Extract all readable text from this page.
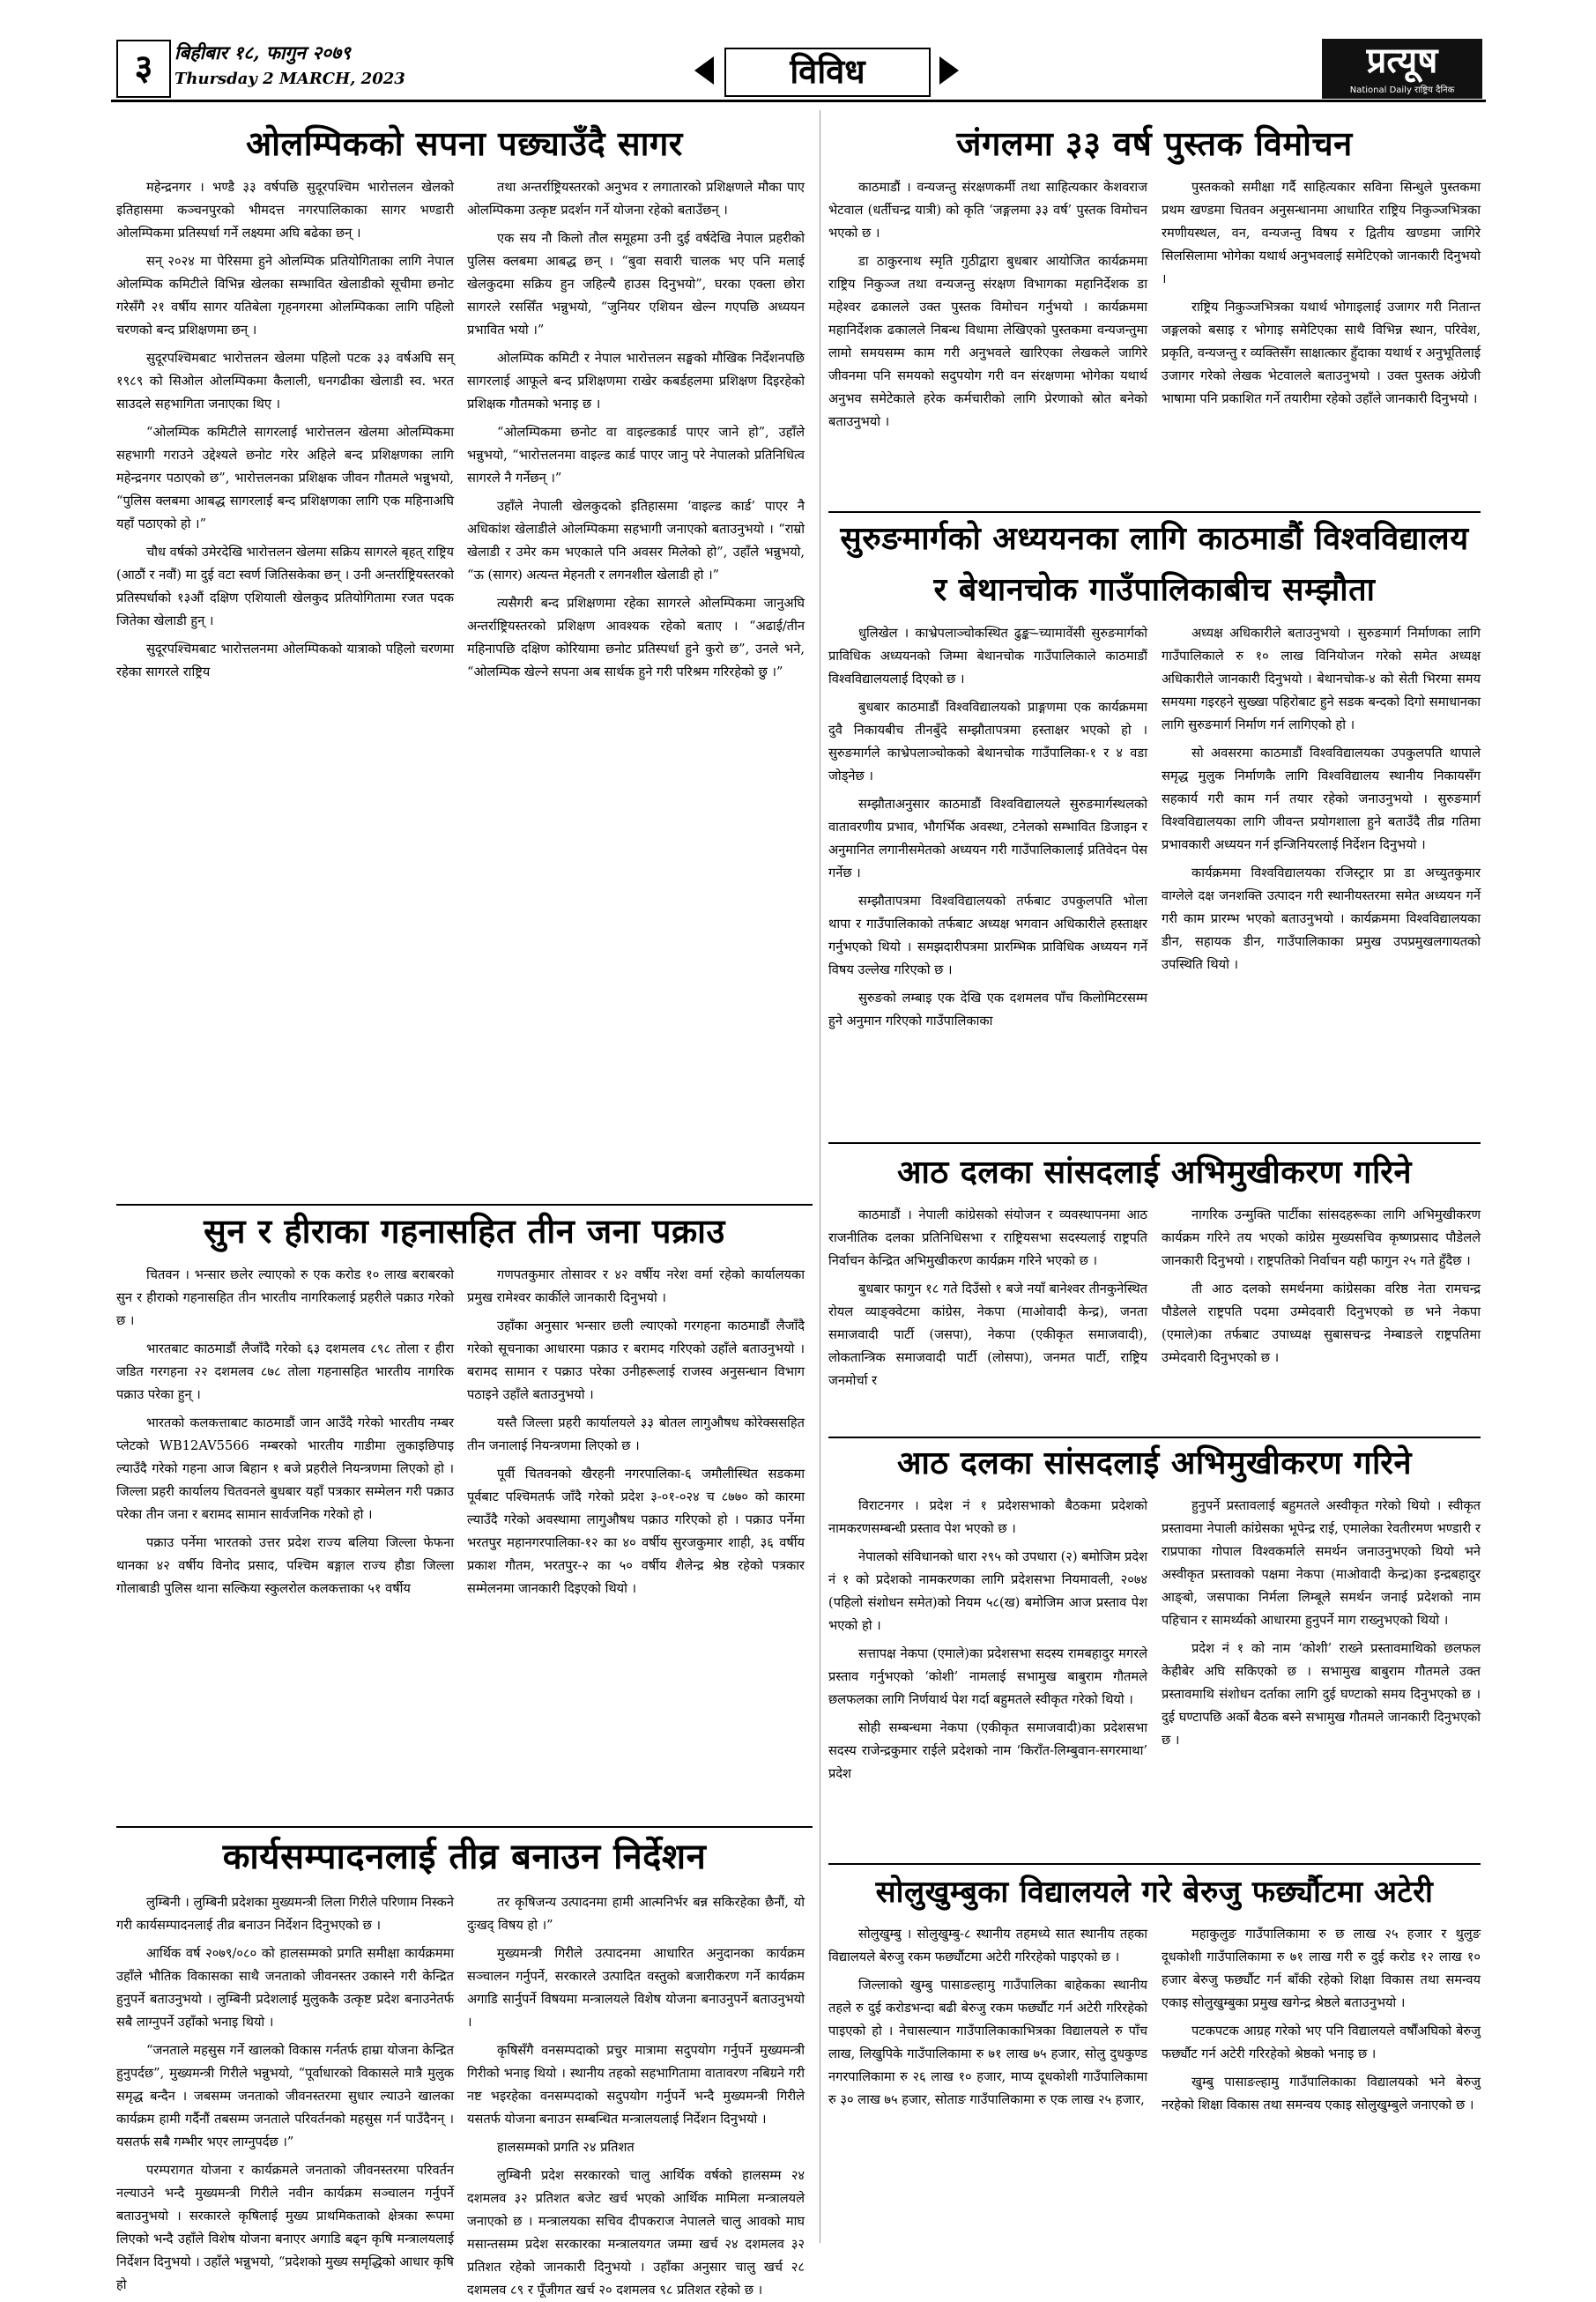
३	बिहीबार १८, फागुन २०७९
Thursday 2 MARCH, 2023	विविध	प्रत्यूष
National Daily राष्ट्रिय दैनिक
ओलम्पिकको सपना पछ्याउँदै सागर

महेन्द्रनगर । भण्डै ३३ वर्षपछि सुदूरपश्चिम भारोत्तलन खेलको इतिहासमा कञ्चनपुरको भीमदत्त नगरपालिकाका सागर भण्डारी ओलम्पिकमा प्रतिस्पर्धा गर्ने लक्ष्यमा अघि बढेका छन् ।

सन् २०२४ मा पेरिसमा हुने ओलम्पिक प्रतियोगिताका लागि नेपाल ओलम्पिक कमिटीले विभिन्न खेलका सम्भावित खेलाडीको सूचीमा छनोट गरेसँगै २१ वर्षीय सागर यतिबेला गृहनगरमा ओलम्पिकका लागि पहिलो चरणको बन्द प्रशिक्षणमा छन् ।

सुदूरपश्चिमबाट भारोत्तलन खेलमा पहिलो पटक ३३ वर्षअघि सन् १९८९ को सिओल ओलम्पिकमा कैलाली, धनगढीका खेलाडी स्व. भरत साउदले सहभागिता जनाएका थिए ।

“ओलम्पिक कमिटीले सागरलाई भारोत्तलन खेलमा ओलम्पिकमा सहभागी गराउने उद्देश्यले छनोट गरेर अहिले बन्द प्रशिक्षणका लागि महेन्द्रनगर पठाएको छ”, भारोत्तलनका प्रशिक्षक जीवन गौतमले भन्नुभयो, “पुलिस क्लबमा आबद्ध सागरलाई बन्द प्रशिक्षणका लागि एक महिनाअघि यहाँ पठाएको हो ।”

चौध वर्षको उमेरदेखि भारोत्तलन खेलमा सक्रिय सागरले बृहत् राष्ट्रिय (आठौं र नवौं) मा दुई वटा स्वर्ण जितिसकेका छन् । उनी अन्तर्राष्ट्रियस्तरको प्रतिस्पर्धाको १३औं दक्षिण एशियाली खेलकुद प्रतियोगितामा रजत पदक जितेका खेलाडी हुन् ।

सुदूरपश्चिमबाट भारोत्तलनमा ओलम्पिकको यात्राको पहिलो चरणमा रहेका सागरले राष्ट्रिय

तथा अन्तर्राष्ट्रियस्तरको अनुभव र लगातारको प्रशिक्षणले मौका पाए ओलम्पिकमा उत्कृष्ट प्रदर्शन गर्ने योजना रहेको बताउँछन् ।

एक सय नौ किलो तौल समूहमा उनी दुई वर्षदेखि नेपाल प्रहरीको पुलिस क्लबमा आबद्ध छन् । “बुवा सवारी चालक भए पनि मलाई खेलकुदमा सक्रिय हुन जहिल्यै हाउस दिनुभयो”, घरका एक्ला छोरा सागरले रससिँत भन्नुभयो, “जुनियर एशियन खेल्न गएपछि अध्ययन प्रभावित भयो ।”

ओलम्पिक कमिटी र नेपाल भारोत्तलन सङ्घको मौखिक निर्देशनपछि सागरलाई आफूले बन्द प्रशिक्षणमा राखेर कबर्डहलमा प्रशिक्षण दिइरहेको प्रशिक्षक गौतमको भनाइ छ ।

“ओलम्पिकमा छनोट वा वाइल्डकार्ड पाएर जाने हो”, उहाँले भन्नुभयो, “भारोत्तलनमा वाइल्ड कार्ड पाएर जानु परे नेपालको प्रतिनिधित्व सागरले नै गर्नेछन् ।”

उहाँले नेपाली खेलकुदको इतिहासमा ‘वाइल्ड कार्ड’ पाएर नै अधिकांश खेलाडीले ओलम्पिकमा सहभागी जनाएको बताउनुभयो । “राम्रो खेलाडी र उमेर कम भएकाले पनि अवसर मिलेको हो”, उहाँले भन्नुभयो, “ऊ (सागर) अत्यन्त मेहनती र लगनशील खेलाडी हो ।”

त्यसैगरी बन्द प्रशिक्षणमा रहेका सागरले ओलम्पिकमा जानुअघि अन्तर्राष्ट्रियस्तरको प्रशिक्षण आवश्यक रहेको बताए । “अढाई/तीन महिनापछि दक्षिण कोरियामा छनोट प्रतिस्पर्धा हुने कुरो छ”, उनले भने, “ओलम्पिक खेल्ने सपना अब सार्थक हुने गरी परिश्रम गरिरहेको छु ।”

जंगलमा ३३ वर्ष पुस्तक विमोचन

काठमाडौं । वन्यजन्तु संरक्षणकर्मी तथा साहित्यकार केशवराज भेटवाल (धर्तीचन्द्र यात्री) को कृति ‘जङ्गलमा ३३ वर्ष’ पुस्तक विमोचन भएको छ ।

डा ठाकुरनाथ स्मृति गुठीद्वारा बुधबार आयोजित कार्यक्रममा राष्ट्रिय निकुञ्ज तथा वन्यजन्तु संरक्षण विभागका महानिर्देशक डा महेश्वर ढकालले उक्त पुस्तक विमोचन गर्नुभयो । कार्यक्रममा महानिर्देशक ढकालले निबन्ध विधामा लेखिएको पुस्तकमा वन्यजन्तुमा लामो समयसम्म काम गरी अनुभवले खारिएका लेखकले जागिरे जीवनमा पनि समयको सदुपयोग गरी वन संरक्षणमा भोगेका यथार्थ अनुभव समेटेकाले हरेक कर्मचारीको लागि प्रेरणाको स्रोत बनेको बताउनुभयो ।

पुस्तकको समीक्षा गर्दै साहित्यकार सविना सिन्धुले पुस्तकमा प्रथम खण्डमा चितवन अनुसन्धानमा आधारित राष्ट्रिय निकुञ्जभित्रका रमणीयस्थल, वन, वन्यजन्तु विषय र द्वितीय खण्डमा जागिरे सिलसिलामा भोगेका यथार्थ अनुभवलाई समेटिएको जानकारी दिनुभयो ।

राष्ट्रिय निकुञ्जभित्रका यथार्थ भोगाइलाई उजागर गरी नितान्त जङ्गलको बसाइ र भोगाइ समेटिएका साथै विभिन्न स्थान, परिवेश, प्रकृति, वन्यजन्तु र व्यक्तिसँग साक्षात्कार हुँदाका यथार्थ र अनुभूतिलाई उजागर गरेको लेखक भेटवालले बताउनुभयो । उक्त पुस्तक अंग्रेजी भाषामा पनि प्रकाशित गर्ने तयारीमा रहेको उहाँले जानकारी दिनुभयो ।

सुरुङमार्गको अध्ययनका लागि काठमाडौं विश्वविद्यालय
र बेथानचोक गाउँपालिकाबीच सम्झौता

धुलिखेल । काभ्रेपलाञ्चोकस्थित ढुङ्कर्‍-च्यामावेंसी सुरुङमार्गको प्राविधिक अध्ययनको जिम्मा बेथानचोक गाउँपालिकाले काठमाडौं विश्वविद्यालयलाई दिएको छ ।

बुधबार काठमाडौं विश्वविद्यालयको प्राङ्गणमा एक कार्यक्रममा दुवै निकायबीच तीनबुँदे सम्झौतापत्रमा हस्ताक्षर भएको हो । सुरुङमार्गले काभ्रेपलाञ्चोकको बेथानचोक गाउँपालिका-१ र ४ वडा जोड्नेछ ।

सम्झौताअनुसार काठमाडौं विश्वविद्यालयले सुरुङमार्गस्थलको वातावरणीय प्रभाव, भौगर्भिक अवस्था, टनेलको सम्भावित डिजाइन र अनुमानित लगानीसमेतको अध्ययन गरी गाउँपालिकालाई प्रतिवेदन पेस गर्नेछ ।

सम्झौतापत्रमा विश्वविद्यालयको तर्फबाट उपकुलपति भोला थापा र गाउँपालिकाको तर्फबाट अध्यक्ष भगवान अधिकारीले हस्ताक्षर गर्नुभएको थियो । समझदारीपत्रमा प्रारम्भिक प्राविधिक अध्ययन गर्ने विषय उल्लेख गरिएको छ ।

सुरुङको लम्बाइ एक देखि एक दशमलव पाँच किलोमिटरसम्म हुने अनुमान गरिएको गाउँपालिकाका

अध्यक्ष अधिकारीले बताउनुभयो । सुरुङमार्ग निर्माणका लागि गाउँपालिकाले रु १० लाख विनियोजन गरेको समेत अध्यक्ष अधिकारीले जानकारी दिनुभयो । बेथानचोक-४ को सेती भिरमा समय समयमा गइरहने सुख्खा पहिरोबाट हुने सडक बन्दको दिगो समाधानका लागि सुरुङमार्ग निर्माण गर्न लागिएको हो ।

सो अवसरमा काठमाडौं विश्वविद्यालयका उपकुलपति थापाले समृद्ध मुलुक निर्माणकै लागि विश्वविद्यालय स्थानीय निकायसँग सहकार्य गरी काम गर्न तयार रहेको जनाउनुभयो । सुरुङमार्ग विश्वविद्यालयका लागि जीवन्त प्रयोगशाला हुने बताउँदै तीव्र गतिमा प्रभावकारी अध्ययन गर्न इन्जिनियरलाई निर्देशन दिनुभयो ।

कार्यक्रममा विश्वविद्यालयका रजिस्ट्रार प्रा डा अच्युतकुमार वाग्लेले दक्ष जनशक्ति उत्पादन गरी स्थानीयस्तरमा समेत अध्ययन गर्ने गरी काम प्रारम्भ भएको बताउनुभयो । कार्यक्रममा विश्वविद्यालयका डीन, सहायक डीन, गाउँपालिकाका प्रमुख उपप्रमुखलगायतको उपस्थिति थियो ।

सुन र हीराका गहनासहित तीन जना पक्राउ

चितवन । भन्सार छलेर ल्याएको रु एक करोड १० लाख बराबरको सुन र हीराको गहनासहित तीन भारतीय नागरिकलाई प्रहरीले पक्राउ गरेको छ ।

भारतबाट काठमाडौं लैजाँदै गरेको ६३ दशमलव ८९८ तोला र हीरा जडित गरगहना २२ दशमलव ८७८ तोला गहनासहित भारतीय नागरिक पक्राउ परेका हुन् ।

भारतको कलकत्ताबाट काठमाडौं जान आउँदै गरेको भारतीय नम्बर प्लेटको WB12AV5566 नम्बरको भारतीय गाडीमा लुकाइछिपाइ ल्याउँदै गरेको गहना आज बिहान १ बजे प्रहरीले नियन्त्रणमा लिएको हो । जिल्ला प्रहरी कार्यालय चितवनले बुधबार यहाँ पत्रकार सम्मेलन गरी पक्राउ परेका तीन जना र बरामद सामान सार्वजनिक गरेको हो ।

पक्राउ पर्नेमा भारतको उत्तर प्रदेश राज्य बलिया जिल्ला फेफना थानका ४२ वर्षीय विनोद प्रसाद, पश्चिम बङ्गाल राज्य हौडा जिल्ला गोलाबाडी पुलिस थाना सल्किया स्कुलरोल कलकत्ताका ५१ वर्षीय

गणपतकुमार तोसावर र ४२ वर्षीय नरेश वर्मा रहेको कार्यालयका प्रमुख रामेश्वर कार्कीले जानकारी दिनुभयो ।

उहाँका अनुसार भन्सार छली ल्याएको गरगहना काठमाडौं लैजाँदै गरेको सूचनाका आधारमा पक्राउ र बरामद गरिएको उहाँले बताउनुभयो । बरामद सामान र पक्राउ परेका उनीहरूलाई राजस्व अनुसन्धान विभाग पठाइने उहाँले बताउनुभयो ।

यस्तै जिल्ला प्रहरी कार्यालयले ३३ बोतल लागुऔषध कोरेक्ससहित तीन जनालाई नियन्त्रणमा लिएको छ ।

पूर्वी चितवनको खैरहनी नगरपालिका-६ जमौलीस्थित सडकमा पूर्वबाट पश्चिमतर्फ जाँदै गरेको प्रदेश ३-०१-०२४ च ८७७० को कारमा ल्याउँदै गरेको अवस्थामा लागुऔषध पक्राउ गरिएको हो । पक्राउ पर्नेमा भरतपुर महानगरपालिका-१२ का ४० वर्षीय सुरजकुमार शाही, ३६ वर्षीय प्रकाश गौतम, भरतपुर-२ का ५० वर्षीय शैलेन्द्र श्रेष्ठ रहेको पत्रकार सम्मेलनमा जानकारी दिइएको थियो ।

आठ दलका सांसदलाई अभिमुखीकरण गरिने

काठमाडौं । नेपाली कांग्रेसको संयोजन र व्यवस्थापनमा आठ राजनीतिक दलका प्रतिनिधिसभा र राष्ट्रियसभा सदस्यलाई राष्ट्रपति निर्वाचन केन्द्रित अभिमुखीकरण कार्यक्रम गरिने भएको छ ।

बुधबार फागुन १८ गते दिउँसो १ बजे नयाँ बानेश्वर तीनकुनेस्थित रोयल व्याङ्क्वेटमा कांग्रेस, नेकपा (माओवादी केन्द्र), जनता समाजवादी पार्टी (जसपा), नेकपा (एकीकृत समाजवादी), लोकतान्त्रिक समाजवादी पार्टी (लोसपा), जनमत पार्टी, राष्ट्रिय जनमोर्चा र

नागरिक उन्मुक्ति पार्टीका सांसदहरूका लागि अभिमुखीकरण कार्यक्रम गरिने तय भएको कांग्रेस मुख्यसचिव कृष्णप्रसाद पौडेलले जानकारी दिनुभयो । राष्ट्रपतिको निर्वाचन यही फागुन २५ गते हुँदैछ ।

ती आठ दलको समर्थनमा कांग्रेसका वरिष्ठ नेता रामचन्द्र पौडेलले राष्ट्रपति पदमा उम्मेदवारी दिनुभएको छ भने नेकपा (एमाले)का तर्फबाट उपाध्यक्ष सुबासचन्द्र नेम्बाङले राष्ट्रपतिमा उम्मेदवारी दिनुभएको छ ।

आठ दलका सांसदलाई अभिमुखीकरण गरिने

विराटनगर । प्रदेश नं १ प्रदेशसभाको बैठकमा प्रदेशको नामकरणसम्बन्धी प्रस्ताव पेश भएको छ ।

नेपालको संविधानको धारा २९५ को उपधारा (२) बमोजिम प्रदेश नं १ को प्रदेशको नामकरणका लागि प्रदेशसभा नियमावली, २०७४ (पहिलो संशोधन समेत)को नियम ५८(ख) बमोजिम आज प्रस्ताव पेश भएको हो ।

सत्तापक्ष नेकपा (एमाले)का प्रदेशसभा सदस्य रामबहादुर मगरले प्रस्ताव गर्नुभएको ‘कोशी’ नामलाई सभामुख बाबुराम गौतमले छलफलका लागि निर्णयार्थ पेश गर्दा बहुमतले स्वीकृत गरेको थियो ।

सोही सम्बन्धमा नेकपा (एकीकृत समाजवादी)का प्रदेशसभा सदस्य राजेन्द्रकुमार राईले प्रदेशको नाम ‘किराँत-लिम्बुवान-सगरमाथा’ प्रदेश

हुनुपर्ने प्रस्तावलाई बहुमतले अस्वीकृत गरेको थियो । स्वीकृत प्रस्तावमा नेपाली कांग्रेसका भूपेन्द्र राई, एमालेका रेवतीरमण भण्डारी र राप्रपाका गोपाल विश्वकर्माले समर्थन जनाउनुभएको थियो भने अस्वीकृत प्रस्तावको पक्षमा नेकपा (माओवादी केन्द्र)का इन्द्रबहादुर आङ्बो, जसपाका निर्मला लिम्बूले समर्थन जनाई प्रदेशको नाम पहिचान र सामर्थ्यको आधारमा हुनुपर्ने माग राख्नुभएको थियो ।

प्रदेश नं १ को नाम ‘कोशी’ राख्ने प्रस्तावमाथिको छलफल केहीबेर अघि सकिएको छ । सभामुख बाबुराम गौतमले उक्त प्रस्तावमाथि संशोधन दर्ताका लागि दुई घण्टाको समय दिनुभएको छ । दुई घण्टापछि अर्को बैठक बस्ने सभामुख गौतमले जानकारी दिनुभएको छ ।

कार्यसम्पादनलाई तीव्र बनाउन निर्देशन

लुम्बिनी । लुम्बिनी प्रदेशका मुख्यमन्त्री लिला गिरीले परिणाम निस्कने गरी कार्यसम्पादनलाई तीव्र बनाउन निर्देशन दिनुभएको छ ।

आर्थिक वर्ष २०७९/०८० को हालसम्मको प्रगति समीक्षा कार्यक्रममा उहाँले भौतिक विकासका साथै जनताको जीवनस्तर उकास्ने गरी केन्द्रित हुनुपर्ने बताउनुभयो । लुम्बिनी प्रदेशलाई मुलुककै उत्कृष्ट प्रदेश बनाउनेतर्फ सबै लाग्नुपर्ने उहाँको भनाइ थियो ।

“जनताले महसुस गर्ने खालको विकास गर्नतर्फ हाम्रा योजना केन्द्रित हुनुपर्दछ”, मुख्यमन्त्री गिरीले भन्नुभयो, “पूर्वाधारको विकासले मात्रै मुलुक समृद्ध बन्दैन । जबसम्म जनताको जीवनस्तरमा सुधार ल्याउने खालका कार्यक्रम हामी गर्दैनौं तबसम्म जनताले परिवर्तनको महसुस गर्न पाउँदैनन् । यसतर्फ सबै गम्भीर भएर लाग्नुपर्दछ ।”

परम्परागत योजना र कार्यक्रमले जनताको जीवनस्तरमा परिवर्तन नल्याउने भन्दै मुख्यमन्त्री गिरीले नवीन कार्यक्रम सञ्चालन गर्नुपर्ने बताउनुभयो । सरकारले कृषिलाई मुख्य प्राथमिकताको क्षेत्रका रूपमा लिएको भन्दै उहाँले विशेष योजना बनाएर अगाडि बढ्न कृषि मन्त्रालयलाई निर्देशन दिनुभयो । उहाँले भन्नुभयो, “प्रदेशको मुख्य समृद्धिको आधार कृषि हो

तर कृषिजन्य उत्पादनमा हामी आत्मनिर्भर बन्न सकिरहेका छैनौं, यो दुःखद् विषय हो ।”

मुख्यमन्त्री गिरीले उत्पादनमा आधारित अनुदानका कार्यक्रम सञ्चालन गर्नुपर्ने, सरकारले उत्पादित वस्तुको बजारीकरण गर्ने कार्यक्रम अगाडि सार्नुपर्ने विषयमा मन्त्रालयले विशेष योजना बनाउनुपर्ने बताउनुभयो ।

कृषिसँगै वनसम्पदाको प्रचुर मात्रामा सदुपयोग गर्नुपर्ने मुख्यमन्त्री गिरीको भनाइ थियो । स्थानीय तहको सहभागितामा वातावरण नबिग्रने गरी नष्ट भइरहेका वनसम्पदाको सदुपयोग गर्नुपर्ने भन्दै मुख्यमन्त्री गिरीले यसतर्फ योजना बनाउन सम्बन्धित मन्त्रालयलाई निर्देशन दिनुभयो ।

हालसम्मको प्रगति २४ प्रतिशत

लुम्बिनी प्रदेश सरकारको चालु आर्थिक वर्षको हालसम्म २४ दशमलव ३२ प्रतिशत बजेट खर्च भएको आर्थिक मामिला मन्त्रालयले जनाएको छ । मन्त्रालयका सचिव दीपकराज नेपालले चालु आवको माघ मसान्तसम्म प्रदेश सरकारका मन्त्रालयगत जम्मा खर्च २४ दशमलव ३२ प्रतिशत रहेको जानकारी दिनुभयो । उहाँका अनुसार चालु खर्च २८ दशमलव ८९ र पूँजीगत खर्च २० दशमलव ९८ प्रतिशत रहेको छ ।

सोलुखुम्बुका विद्यालयले गरे बेरुजु फर्छ्यौटमा अटेरी

सोलुखुम्बु । सोलुखुम्बु-८ स्थानीय तहमध्ये सात स्थानीय तहका विद्यालयले बेरुजु रकम फर्छ्यौटमा अटेरी गरिरहेको पाइएको छ ।

जिल्लाको खुम्बु पासाङल्हामु गाउँपालिका बाहेकका स्थानीय तहले रु दुई करोडभन्दा बढी बेरुजु रकम फर्छ्यौट गर्न अटेरी गरिरहेको पाइएको हो । नेचासल्यान गाउँपालिकाकाभित्रका विद्यालयले रु पाँच लाख, लिखुपिके गाउँपालिकामा रु ७१ लाख ७५ हजार, सोलु दुधकुण्ड नगरपालिकामा रु २६ लाख १० हजार, माप्य दूधकोशी गाउँपालिकामा रु ३० लाख ७५ हजार, सोताङ गाउँपालिकामा रु एक लाख २५ हजार,

महाकुलुङ गाउँपालिकामा रु छ लाख २५ हजार र थुलुङ दूधकोशी गाउँपालिकामा रु ७१ लाख गरी रु दुई करोड १२ लाख १० हजार बेरुजु फर्छ्यौट गर्न बाँकी रहेको शिक्षा विकास तथा समन्वय एकाइ सोलुखुम्बुका प्रमुख खगेन्द्र श्रेष्ठले बताउनुभयो ।

पटकपटक आग्रह गरेको भए पनि विद्यालयले वर्षौंअघिको बेरुजु फर्छ्यौट गर्न अटेरी गरिरहेको श्रेष्ठको भनाइ छ ।

खुम्बु पासाङल्हामु गाउँपालिकाका विद्यालयको भने बेरुजु नरहेको शिक्षा विकास तथा समन्वय एकाइ सोलुखुम्बुले जनाएको छ ।
